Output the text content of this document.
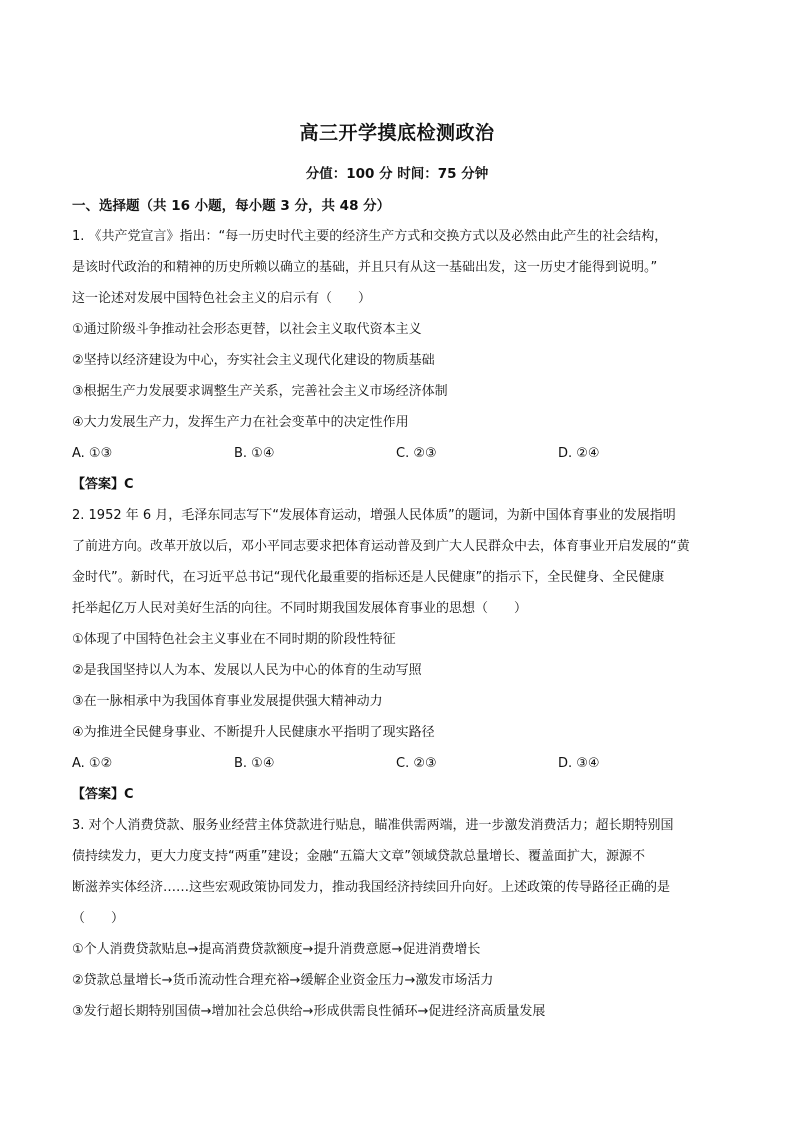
高三开学摸底检测政治
分值：100 分 时间：75 分钟
一、选择题（共 16 小题，每小题 3 分，共 48 分）
1. 《共产党宣言》指出：“每一历史时代主要的经济生产方式和交换方式以及必然由此产生的社会结构，
是该时代政治的和精神的历史所赖以确立的基础，并且只有从这一基础出发，这一历史才能得到说明。”
这一论述对发展中国特色社会主义的启示有（　　）
①通过阶级斗争推动社会形态更替，以社会主义取代资本主义
②坚持以经济建设为中心，夯实社会主义现代化建设的物质基础
③根据生产力发展要求调整生产关系，完善社会主义市场经济体制
④大力发展生产力，发挥生产力在社会变革中的决定性作用
A. ①③	B. ①④	C. ②③	D. ②④
【答案】C
2. 1952 年 6 月，毛泽东同志写下“发展体育运动，增强人民体质”的题词，为新中国体育事业的发展指明
了前进方向。改革开放以后，邓小平同志要求把体育运动普及到广大人民群众中去，体育事业开启发展的“黄
金时代”。新时代，在习近平总书记“现代化最重要的指标还是人民健康”的指示下，全民健身、全民健康
托举起亿万人民对美好生活的向往。不同时期我国发展体育事业的思想（　　）
①体现了中国特色社会主义事业在不同时期的阶段性特征
②是我国坚持以人为本、发展以人民为中心的体育的生动写照
③在一脉相承中为我国体育事业发展提供强大精神动力
④为推进全民健身事业、不断提升人民健康水平指明了现实路径
A. ①②	B. ①④	C. ②③	D. ③④
【答案】C
3. 对个人消费贷款、服务业经营主体贷款进行贴息，瞄准供需两端，进一步激发消费活力；超长期特别国
债持续发力，更大力度支持“两重”建设；金融“五篇大文章”领域贷款总量增长、覆盖面扩大，源源不
断滋养实体经济……这些宏观政策协同发力，推动我国经济持续回升向好。上述政策的传导路径正确的是
（　　）
①个人消费贷款贴息→提高消费贷款额度→提升消费意愿→促进消费增长
②贷款总量增长→货币流动性合理充裕→缓解企业资金压力→激发市场活力
③发行超长期特别国债→增加社会总供给→形成供需良性循环→促进经济高质量发展
